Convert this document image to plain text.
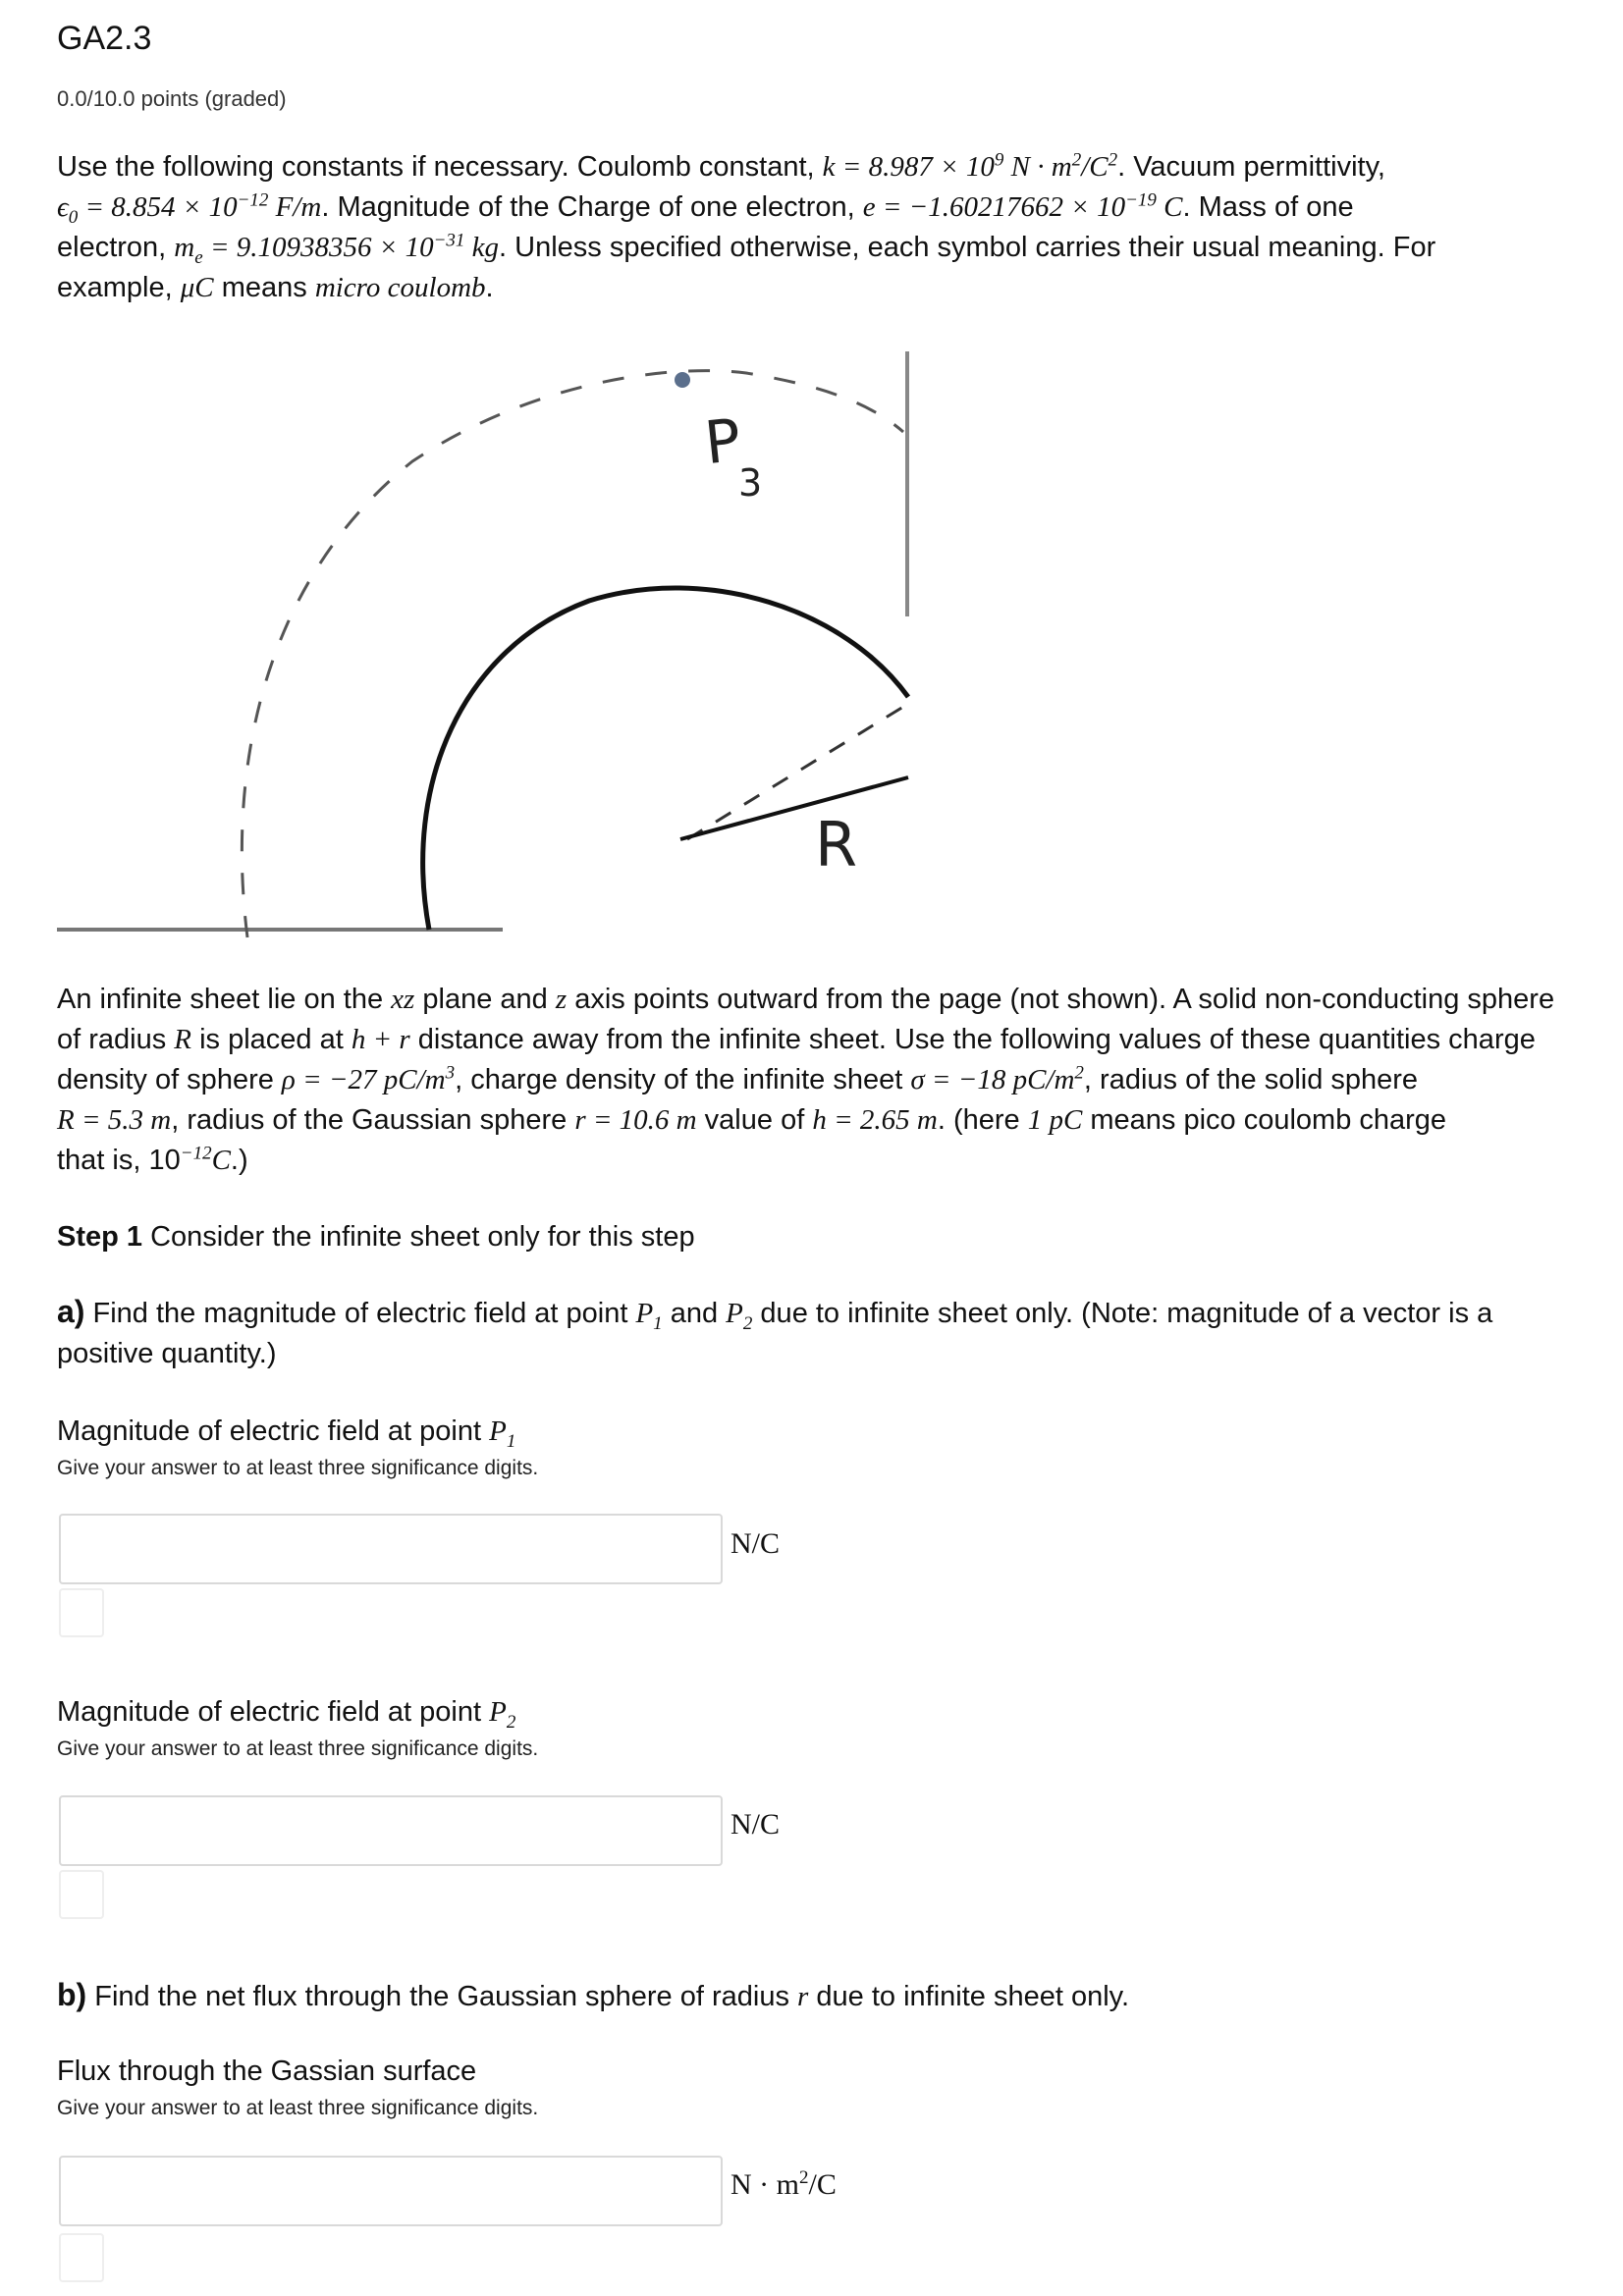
GA2.3
0.0/10.0 points (graded)
Use the following constants if necessary. Coulomb constant, $k = 8.987 \times 10^9$ $N \cdot m^2/C^2$. Vacuum permittivity,
$\epsilon_0 = 8.854 \times 10^{-12}$ F/m. Magnitude of the Charge of one electron, $e = -1.60217662 \times 10^{-19}$ C. Mass of one
electron, $m_e = 9.10938356 \times 10^{-31}$ kg. Unless specified otherwise, each symbol carries their usual meaning. For
example, μC means micro coulomb.
P
3
R
An infinite sheet lie on the xz plane and z axis points outward from the page (not shown). A solid non-conducting sphere
of radius R is placed at h + r distance away from the infinite sheet. Use the following values of these quantities charge
density of sphere ρ = −27 $pC/m^3$, charge density of the infinite sheet σ = −18 $pC/m^2$, radius of the solid sphere
R = 5.3 m, radius of the Gaussian sphere r = 10.6 m value of h = 2.65 m. (here 1 pC means pico coulomb charge
that is, $10^{-12}C$.)
Step 1 Consider the infinite sheet only for this step
a) Find the magnitude of electric field at point $P_1$ and $P_2$ due to infinite sheet only. (Note: magnitude of a vector is a
positive quantity.)
Magnitude of electric field at point $P_1$
Give your answer to at least three significance digits.
N/C
Magnitude of electric field at point $P_2$
Give your answer to at least three significance digits.
N/C
b) Find the net flux through the Gaussian sphere of radius r due to infinite sheet only.
Flux through the Gassian surface
Give your answer to at least three significance digits.
$N \cdot m^2/C$
